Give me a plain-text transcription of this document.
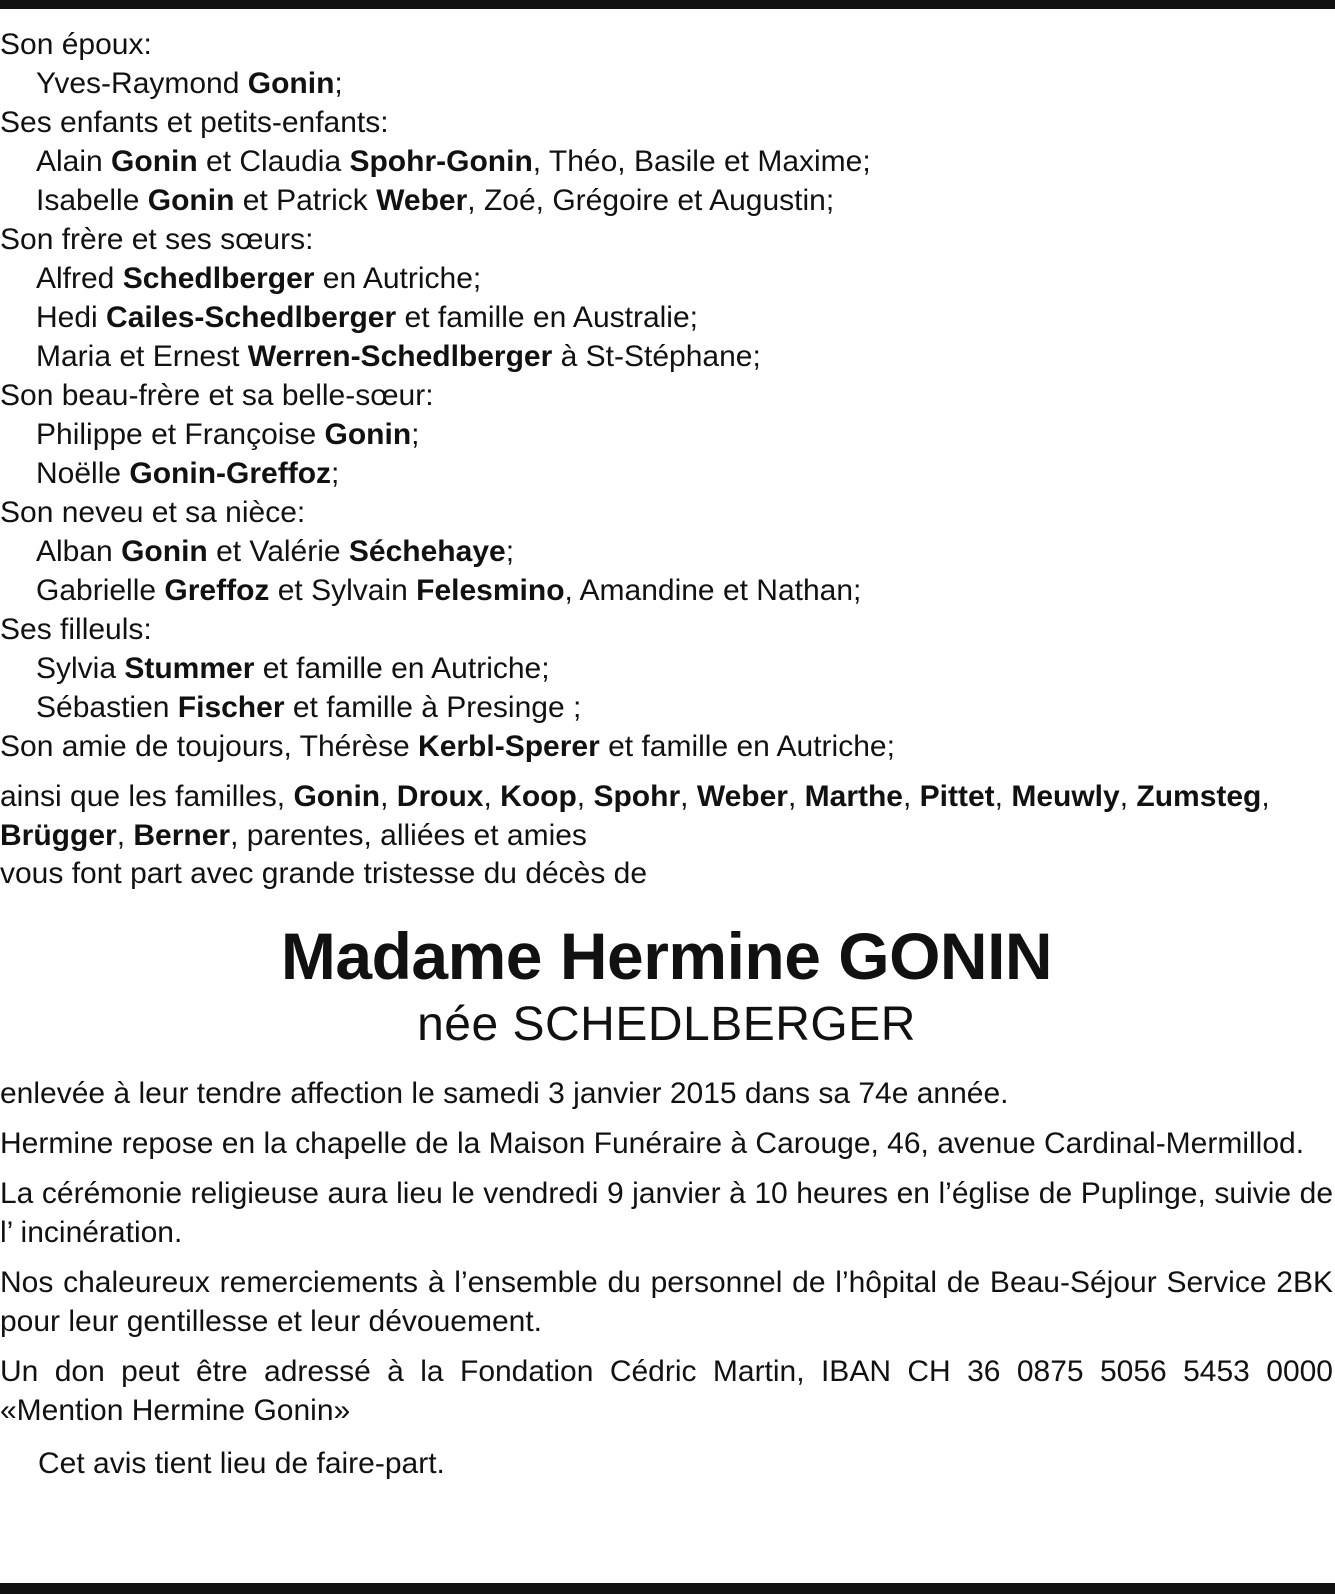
Son époux:
Yves-Raymond Gonin;
Ses enfants et petits-enfants:
Alain Gonin et Claudia Spohr-Gonin, Théo, Basile et Maxime;
Isabelle Gonin et Patrick Weber, Zoé, Grégoire et Augustin;
Son frère et ses sœurs:
Alfred Schedlberger en Autriche;
Hedi Cailes-Schedlberger et famille en Australie;
Maria et Ernest Werren-Schedlberger à St-Stéphane;
Son beau-frère et sa belle-sœur:
Philippe et Françoise Gonin;
Noëlle Gonin-Greffoz;
Son neveu et sa nièce:
Alban Gonin et Valérie Séchehaye;
Gabrielle Greffoz et Sylvain Felesmino, Amandine et Nathan;
Ses filleuls:
Sylvia Stummer et famille en Autriche;
Sébastien Fischer et famille à Presinge ;
Son amie de toujours, Thérèse Kerbl-Sperer et famille en Autriche;
ainsi que les familles, Gonin, Droux, Koop, Spohr, Weber, Marthe, Pittet, Meuwly, Zumsteg,
Brügger, Berner, parentes, alliées et amies
vous font part avec grande tristesse du décès de
Madame Hermine GONIN
née SCHEDLBERGER
enlevée à leur tendre affection le samedi 3 janvier 2015 dans sa 74e année.
Hermine repose en la chapelle de la Maison Funéraire à Carouge, 46, avenue Cardinal-Mermillod.
La cérémonie religieuse aura lieu le vendredi 9 janvier à 10 heures en l’église de Puplinge, suivie de l’ incinération.
Nos chaleureux remerciements à l’ensemble du personnel de l’hôpital de Beau-Séjour Service 2BK pour leur gentillesse et leur dévouement.
Un don peut être adressé à la Fondation Cédric Martin, IBAN CH 36 0875 5056 5453 0000 «Mention Hermine Gonin»
Cet avis tient lieu de faire-part.
